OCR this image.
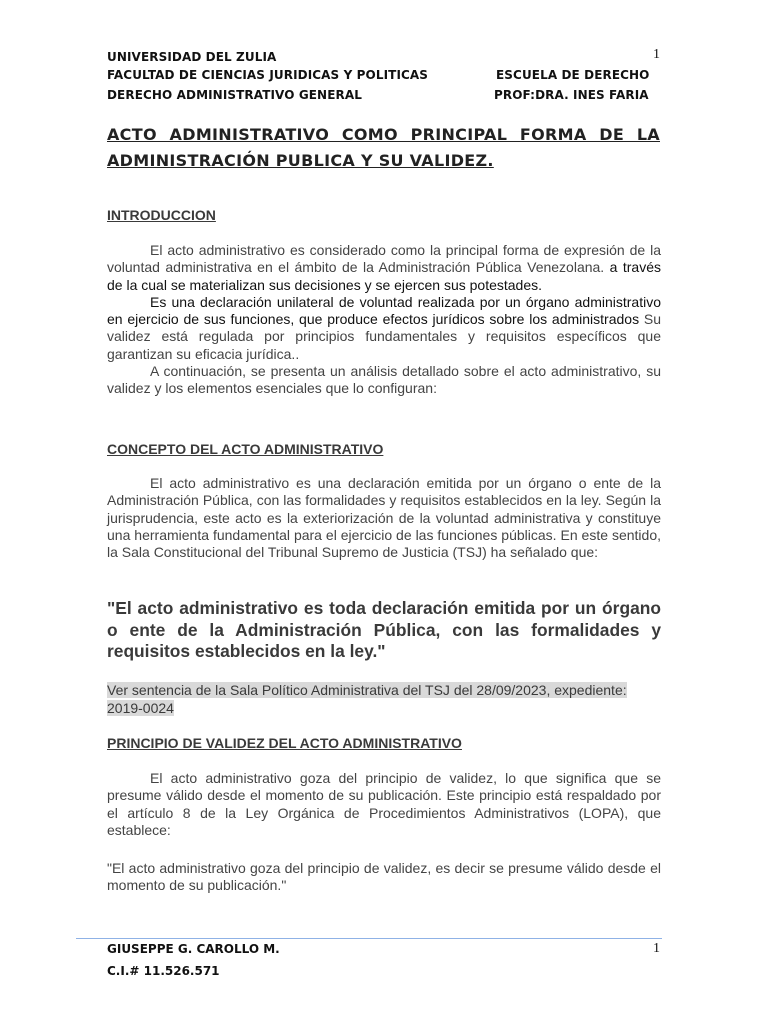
UNIVERSIDAD DEL ZULIA
FACULTAD DE CIENCIAS JURIDICAS Y POLITICAS
DERECHO ADMINISTRATIVO GENERAL
ESCUELA DE DERECHO
PROF:DRA. INES FARIA
1
ACTO ADMINISTRATIVO COMO PRINCIPAL FORMA DE LA
ADMINISTRACIÓN PUBLICA Y SU VALIDEZ.
INTRODUCCION
El acto administrativo es considerado como la principal forma de expresión de la voluntad administrativa en el ámbito de la Administración Pública Venezolana. a través de la cual se materializan sus decisiones y se ejercen sus potestades.
Es una declaración unilateral de voluntad realizada por un órgano administrativo en ejercicio de sus funciones, que produce efectos jurídicos sobre los administrados Su validez está regulada por principios fundamentales y requisitos específicos que garantizan su eficacia jurídica..
A continuación, se presenta un análisis detallado sobre el acto administrativo, su validez y los elementos esenciales que lo configuran:
CONCEPTO DEL ACTO ADMINISTRATIVO
El acto administrativo es una declaración emitida por un órgano o ente de la Administración Pública, con las formalidades y requisitos establecidos en la ley. Según la jurisprudencia, este acto es la exteriorización de la voluntad administrativa y constituye una herramienta fundamental para el ejercicio de las funciones públicas. En este sentido, la Sala Constitucional del Tribunal Supremo de Justicia (TSJ) ha señalado que:
"El acto administrativo es toda declaración emitida por un órgano o ente de la Administración Pública, con las formalidades y requisitos establecidos en la ley."
Ver sentencia de la Sala Político Administrativa del TSJ del 28/09/2023, expediente: 2019-0024
PRINCIPIO DE VALIDEZ DEL ACTO ADMINISTRATIVO
El acto administrativo goza del principio de validez, lo que significa que se presume válido desde el momento de su publicación. Este principio está respaldado por el artículo 8 de la Ley Orgánica de Procedimientos Administrativos (LOPA), que establece:
"El acto administrativo goza del principio de validez, es decir se presume válido desde el momento de su publicación."
GIUSEPPE G. CAROLLO M.
C.I.# 11.526.571
1
